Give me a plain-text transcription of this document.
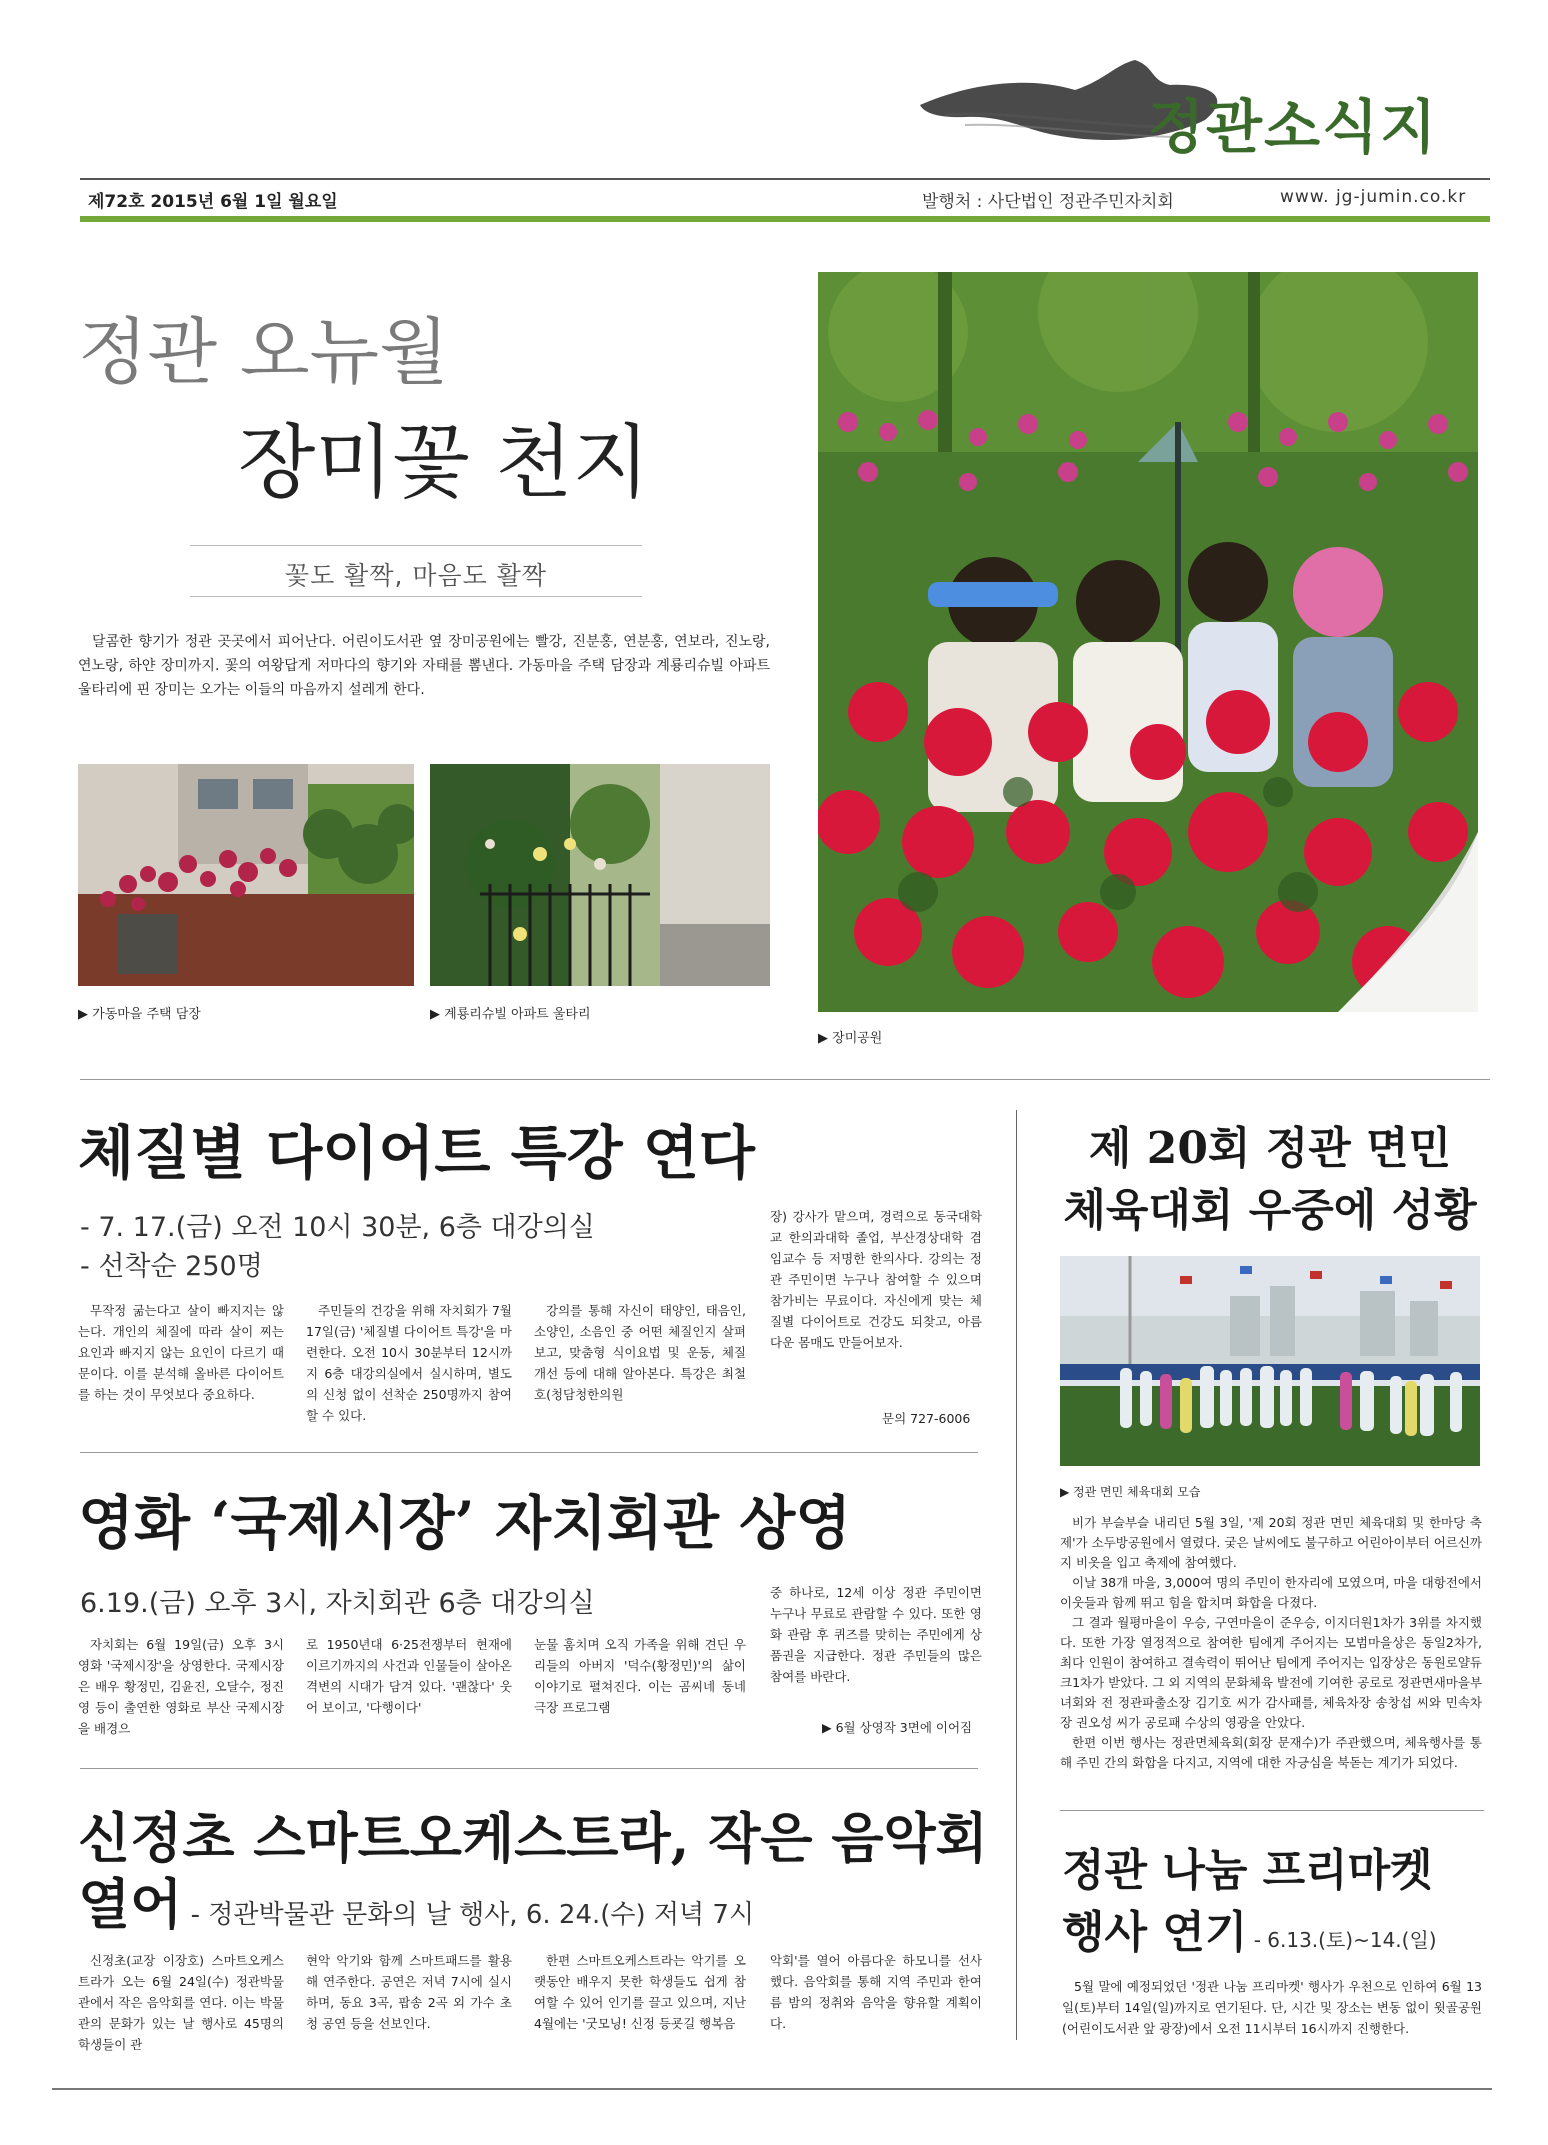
정관소식지
제72호 2015년 6월 1일 월요일	발행처 : 사단법인 정관주민자치회	www. jg-jumin.co.kr
정관 오뉴월
장미꽃 천지
꽃도 활짝, 마음도 활짝
달콤한 향기가 정관 곳곳에서 피어난다. 어린이도서관 옆 장미공원에는 빨강, 진분홍, 연분홍, 연보라, 진노랑, 연노랑, 하얀 장미까지. 꽃의 여왕답게 저마다의 향기와 자태를 뽐낸다. 가동마을 주택 담장과 계룡리슈빌 아파트 울타리에 핀 장미는 오가는 이들의 마음까지 설레게 한다.
▶ 가동마을 주택 담장	▶ 계룡리슈빌 아파트 울타리
▶ 장미공원
체질별 다이어트 특강 연다
- 7. 17.(금) 오전 10시 30분, 6층 대강의실
- 선착순 250명
무작정 굶는다고 살이 빠지지는 않는다. 개인의 체질에 따라 살이 찌는 요인과 빠지지 않는 요인이 다르기 때문이다. 이를 분석해 올바른 다이어트를 하는 것이 무엇보다 중요하다.
주민들의 건강을 위해 자치회가 7월 17일(금) '체질별 다이어트 특강'을 마련한다. 오전 10시 30분부터 12시까지 6층 대강의실에서 실시하며, 별도의 신청 없이 선착순 250명까지 참여할 수 있다.
강의를 통해 자신이 태양인, 태음인, 소양인, 소음인 중 어떤 체질인지 살펴보고, 맞춤형 식이요법 및 운동, 체질 개선 등에 대해 알아본다. 특강은 최철호(청담청한의원
장) 강사가 맡으며, 경력으로 동국대학교 한의과대학 졸업, 부산경상대학 겸임교수 등 저명한 한의사다. 강의는 정관 주민이면 누구나 참여할 수 있으며 참가비는 무료이다. 자신에게 맞는 체질별 다이어트로 건강도 되찾고, 아름다운 몸매도 만들어보자.
문의 727-6006
영화 ‘국제시장’ 자치회관 상영
6.19.(금) 오후 3시, 자치회관 6층 대강의실
자치회는 6월 19일(금) 오후 3시 영화 '국제시장'을 상영한다. 국제시장은 배우 황정민, 김윤진, 오달수, 정진영 등이 출연한 영화로 부산 국제시장을 배경으
로 1950년대 6·25전쟁부터 현재에 이르기까지의 사건과 인물들이 살아온 격변의 시대가 담겨 있다. '괜찮다' 웃어 보이고, '다행이다'
눈물 훔치며 오직 가족을 위해 견딘 우리들의 아버지 '덕수(황정민)'의 삶이 이야기로 펼쳐진다. 이는 곰씨네 동네극장 프로그램
중 하나로, 12세 이상 정관 주민이면 누구나 무료로 관람할 수 있다. 또한 영화 관람 후 퀴즈를 맞히는 주민에게 상품권을 지급한다. 정관 주민들의 많은 참여를 바란다.
▶ 6월 상영작 3면에 이어짐
신정초 스마트오케스트라, 작은 음악회
열어 - 정관박물관 문화의 날 행사, 6. 24.(수) 저녁 7시
신정초(교장 이장호) 스마트오케스트라가 오는 6월 24일(수) 정관박물관에서 작은 음악회를 연다. 이는 박물관의 문화가 있는 날 행사로 45명의 학생들이 관
현악 악기와 함께 스마트패드를 활용해 연주한다. 공연은 저녁 7시에 실시하며, 동요 3곡, 팝송 2곡 외 가수 초청 공연 등을 선보인다.
한편 스마트오케스트라는 악기를 오랫동안 배우지 못한 학생들도 쉽게 참여할 수 있어 인기를 끌고 있으며, 지난 4월에는 '굿모닝! 신정 등굣길 행복음
악회'를 열어 아름다운 하모니를 선사했다. 음악회를 통해 지역 주민과 한여름 밤의 정취와 음악을 향유할 계획이다.
제 20회 정관 면민
체육대회 우중에 성황
▶ 정관 면민 체육대회 모습
비가 부슬부슬 내리던 5월 3일, '제 20회 정관 면민 체육대회 및 한마당 축제'가 소두방공원에서 열렸다. 궂은 날씨에도 불구하고 어린아이부터 어르신까지 비옷을 입고 축제에 참여했다.
이날 38개 마을, 3,000여 명의 주민이 한자리에 모였으며, 마을 대항전에서 이웃들과 함께 뛰고 힘을 합치며 화합을 다졌다.
그 결과 월평마을이 우승, 구연마을이 준우승, 이지더원1차가 3위를 차지했다. 또한 가장 열정적으로 참여한 팀에게 주어지는 모범마을상은 동일2차가, 최다 인원이 참여하고 결속력이 뛰어난 팀에게 주어지는 입장상은 동원로얄듀크1차가 받았다. 그 외 지역의 문화체육 발전에 기여한 공로로 정관면새마을부녀회와 전 정관파출소장 김기호 씨가 감사패를, 체육차장 송창섭 씨와 민속차장 권오성 씨가 공로패 수상의 영광을 안았다.
한편 이번 행사는 정관면체육회(회장 문재수)가 주관했으며, 체육행사를 통해 주민 간의 화합을 다지고, 지역에 대한 자긍심을 북돋는 계기가 되었다.
정관 나눔 프리마켓
행사 연기 - 6.13.(토)~14.(일)
5월 말에 예정되었던 '정관 나눔 프리마켓' 행사가 우천으로 인하여 6월 13일(토)부터 14일(일)까지로 연기된다. 단, 시간 및 장소는 변동 없이 윗골공원(어린이도서관 앞 광장)에서 오전 11시부터 16시까지 진행한다.
